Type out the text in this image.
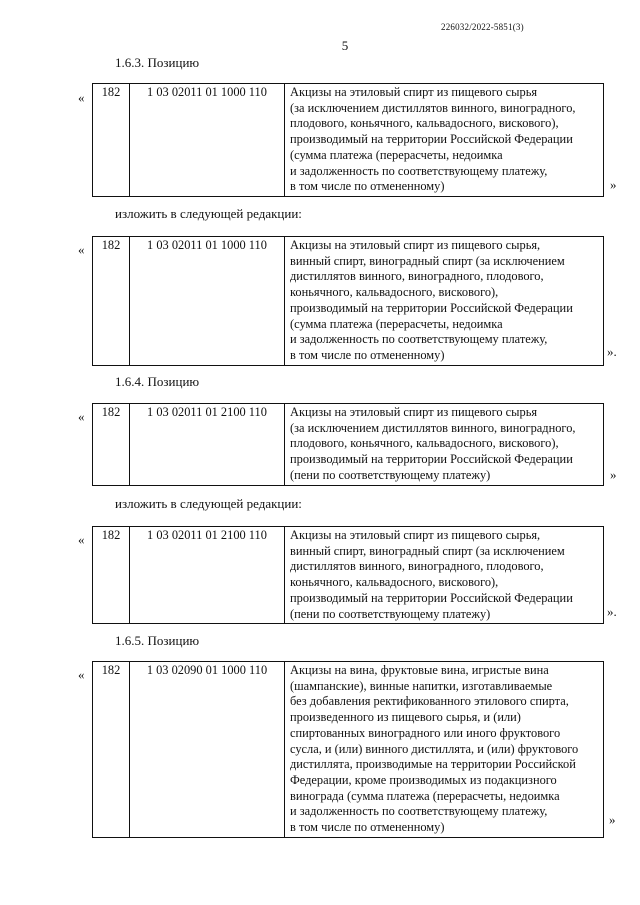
226032/2022-5851(3)
5
1.6.3. Позицию
« 182	1 03 02011 01 1000 110	Акцизы на этиловый спирт из пищевого сырья
(за исключением дистиллятов винного, виноградного,
плодового, коньячного, кальвадосного, вискового),
производимый на территории Российской Федерации
(сумма платежа (перерасчеты, недоимка
и задолженность по соответствующему платежу,
в том числе по отмененному)	»
изложить в следующей редакции:
« 182	1 03 02011 01 1000 110	Акцизы на этиловый спирт из пищевого сырья,
винный спирт, виноградный спирт (за исключением
дистиллятов винного, виноградного, плодового,
коньячного, кальвадосного, вискового),
производимый на территории Российской Федерации
(сумма платежа (перерасчеты, недоимка
и задолженность по соответствующему платежу,
в том числе по отмененному)	».
1.6.4. Позицию
« 182	1 03 02011 01 2100 110	Акцизы на этиловый спирт из пищевого сырья
(за исключением дистиллятов винного, виноградного,
плодового, коньячного, кальвадосного, вискового),
производимый на территории Российской Федерации
(пени по соответствующему платежу)	»
изложить в следующей редакции:
« 182	1 03 02011 01 2100 110	Акцизы на этиловый спирт из пищевого сырья,
винный спирт, виноградный спирт (за исключением
дистиллятов винного, виноградного, плодового,
коньячного, кальвадосного, вискового),
производимый на территории Российской Федерации
(пени по соответствующему платежу)	».
1.6.5. Позицию
« 182	1 03 02090 01 1000 110	Акцизы на вина, фруктовые вина, игристые вина
(шампанские), винные напитки, изготавливаемые
без добавления ректификованного этилового спирта,
произведенного из пищевого сырья, и (или)
спиртованных виноградного или иного фруктового
сусла, и (или) винного дистиллята, и (или) фруктового
дистиллята, производимые на территории Российской
Федерации, кроме производимых из подакцизного
винограда (сумма платежа (перерасчеты, недоимка
и задолженность по соответствующему платежу,
в том числе по отмененному)
»
